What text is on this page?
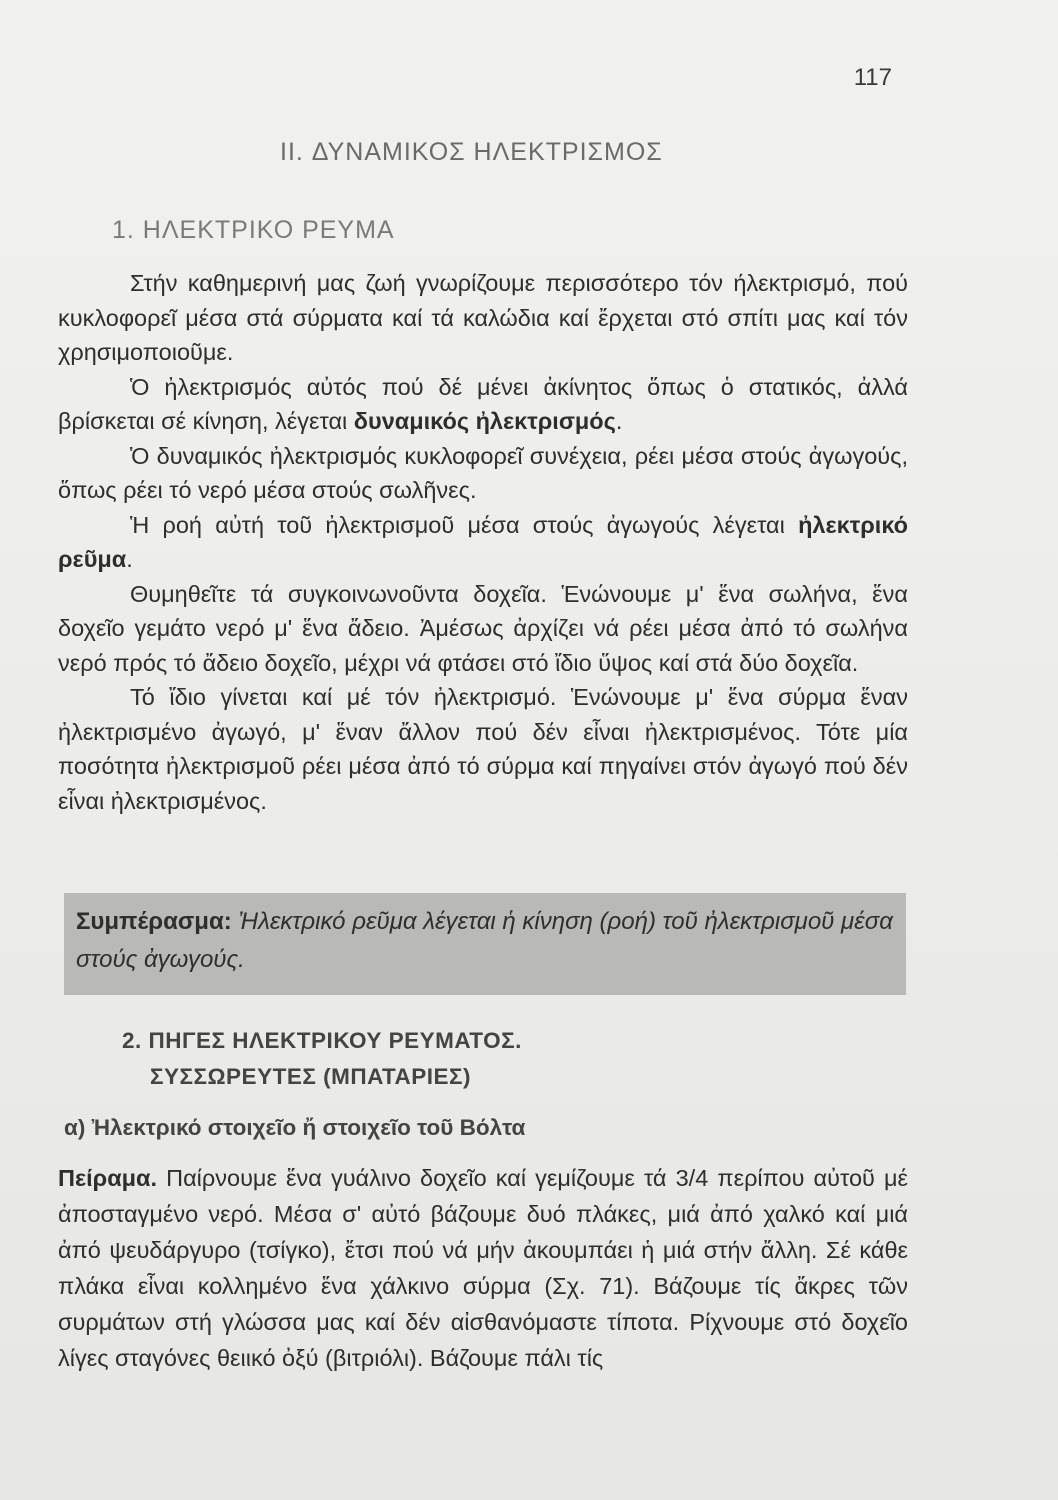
117
II. ΔΥΝΑΜΙΚΟΣ ΗΛΕΚΤΡΙΣΜΟΣ
1. ΗΛΕΚΤΡΙΚΟ ΡΕΥΜΑ

Στήν καθημερινή μας ζωή γνωρίζουμε περισσότερο τόν ήλεκτρισμό, πού κυκλοφορεῖ μέσα στά σύρματα καί τά καλώδια καί ἔρχεται στό σπίτι μας καί τόν χρησιμοποιοῦμε.

Ὁ ἠλεκτρισμός αὐτός πού δέ μένει ἀκίνητος ὅπως ὁ στατικός, ἀλλά βρίσκεται σέ κίνηση, λέγεται δυναμικός ἠλεκτρισμός.

Ὁ δυναμικός ἠλεκτρισμός κυκλοφορεῖ συνέχεια, ρέει μέσα στούς ἀγωγούς, ὅπως ρέει τό νερό μέσα στούς σωλῆνες.

Ἡ ροή αὐτή τοῦ ἠλεκτρισμοῦ μέσα στούς ἀγωγούς λέγεται ἠλεκτρικό ρεῦμα.

Θυμηθεῖτε τά συγκοινωνοῦντα δοχεῖα. Ἑνώνουμε μ' ἕνα σωλήνα, ἕνα δοχεῖο γεμάτο νερό μ' ἕνα ἄδειο. Ἀμέσως ἀρχίζει νά ρέει μέσα ἀπό τό σωλήνα νερό πρός τό ἄδειο δοχεῖο, μέχρι νά φτάσει στό ἴδιο ὕψος καί στά δύο δοχεῖα.

Τό ἴδιο γίνεται καί μέ τόν ἠλεκτρισμό. Ἑνώνουμε μ' ἕνα σύρμα ἕναν ἠλεκτρισμένο ἀγωγό, μ' ἕναν ἄλλον πού δέν εἶναι ἠλεκτρισμένος. Τότε μία ποσότητα ἠλεκτρισμοῦ ρέει μέσα ἀπό τό σύρμα καί πηγαίνει στόν ἀγωγό πού δέν εἶναι ἠλεκτρισμένος.

Συμπέρασμα: Ἠλεκτρικό ρεῦμα λέγεται ἡ κίνηση (ροή) τοῦ ἠλεκτρισμοῦ μέσα στούς ἀγωγούς.
2. ΠΗΓΕΣ ΗΛΕΚΤΡΙΚΟΥ ΡΕΥΜΑΤΟΣ.
ΣΥΣΣΩΡΕΥΤΕΣ (ΜΠΑΤΑΡΙΕΣ)
α) Ἠλεκτρικό στοιχεῖο ἤ στοιχεῖο τοῦ Βόλτα

Πείραμα. Παίρνουμε ἕνα γυάλινο δοχεῖο καί γεμίζουμε τά 3/4 περίπου αὐτοῦ μέ ἀποσταγμένο νερό. Μέσα σ' αὐτό βάζουμε δυό πλάκες, μιά ἀπό χαλκό καί μιά ἀπό ψευδάργυρο (τσίγκο), ἔτσι πού νά μήν ἀκουμπάει ἡ μιά στήν ἄλλη. Σέ κάθε πλάκα εἶναι κολλημένο ἕνα χάλκινο σύρμα (Σχ. 71). Βάζουμε τίς ἄκρες τῶν συρμάτων στή γλώσσα μας καί δέν αἰσθανόμαστε τίποτα. Ρίχνουμε στό δοχεῖο λίγες σταγόνες θειικό ὀξύ (βιτριόλι). Βάζουμε πάλι τίς
